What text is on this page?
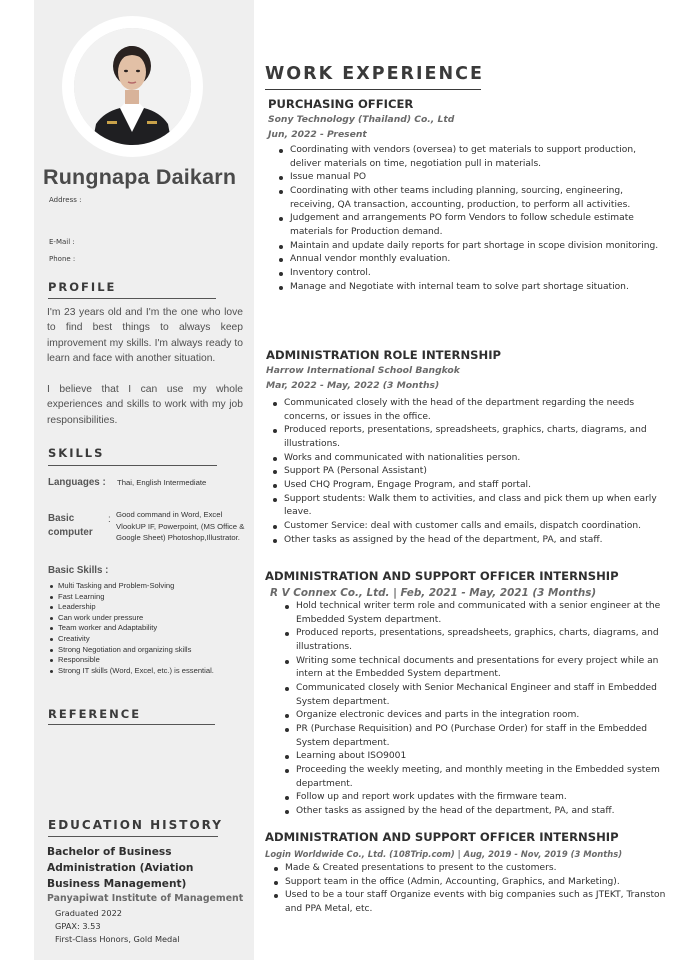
Rungnapa Daikarn
Address :
E-Mail :
Phone :
PROFILE
I'm 23 years old and I'm the one who love to find best things to always keep improvement my skills. I'm always ready to learn and face with another situation.
I believe that I can use my whole experiences and skills to work with my job responsibilities.
SKILLS
Languages : Thai, English Intermediate
Basic computer
: Good command in Word, Excel VlookUP IF, Powerpoint, (MS Office & Google Sheet) Photoshop,Illustrator.
Basic Skills :
Multi Tasking and Problem-Solving
Fast Learning
Leadership
Can work under pressure
Team worker and Adaptability
Creativity
Strong Negotiation and organizing skills
Responsible
Strong IT skills (Word, Excel, etc.) is essential.
REFERENCE
EDUCATION HISTORY
Bachelor of Business Administration (Aviation Business Management)
Panyapiwat Institute of Management
Graduated 2022
GPAX: 3.53
First-Class Honors, Gold Medal
WORK EXPERIENCE
PURCHASING OFFICER
Sony Technology (Thailand) Co., Ltd
Jun, 2022 - Present
Coordinating with vendors (oversea) to get materials to support production, deliver materials on time, negotiation pull in materials.
Issue manual PO
Coordinating with other teams including planning, sourcing, engineering, receiving, QA transaction, accounting, production, to perform all activities.
Judgement and arrangements PO form Vendors to follow schedule estimate materials for Production demand.
Maintain and update daily reports for part shortage in scope division monitoring.
Annual vendor monthly evaluation.
Inventory control.
Manage and Negotiate with internal team to solve part shortage situation.
ADMINISTRATION ROLE INTERNSHIP
Harrow International School Bangkok
Mar, 2022 - May, 2022 (3 Months)
Communicated closely with the head of the department regarding the needs concerns, or issues in the office.
Produced reports, presentations, spreadsheets, graphics, charts, diagrams, and illustrations.
Works and communicated with nationalities person.
Support PA (Personal Assistant)
Used CHQ Program, Engage Program, and staff portal.
Support students: Walk them to activities, and class and pick them up when early leave.
Customer Service: deal with customer calls and emails, dispatch coordination.
Other tasks as assigned by the head of the department, PA, and staff.
ADMINISTRATION AND SUPPORT OFFICER INTERNSHIP
R V Connex Co., Ltd. | Feb, 2021 - May, 2021 (3 Months)
Hold technical writer term role and communicated with a senior engineer at the Embedded System department.
Produced reports, presentations, spreadsheets, graphics, charts, diagrams, and illustrations.
Writing some technical documents and presentations for every project while an intern at the Embedded System department.
Communicated closely with Senior Mechanical Engineer and staff in Embedded System department.
Organize electronic devices and parts in the integration room.
PR (Purchase Requisition) and PO (Purchase Order) for staff in the Embedded System department.
Learning about ISO9001
Proceeding the weekly meeting, and monthly meeting in the Embedded system department.
Follow up and report work updates with the firmware team.
Other tasks as assigned by the head of the department, PA, and staff.
ADMINISTRATION AND SUPPORT OFFICER INTERNSHIP
Login Worldwide Co., Ltd. (108Trip.com) | Aug, 2019 - Nov, 2019 (3 Months)
Made & Created presentations to present to the customers.
Support team in the office (Admin, Accounting, Graphics, and Marketing).
Used to be a tour staff Organize events with big companies such as JTEKT, Transton and PPA Metal, etc.
